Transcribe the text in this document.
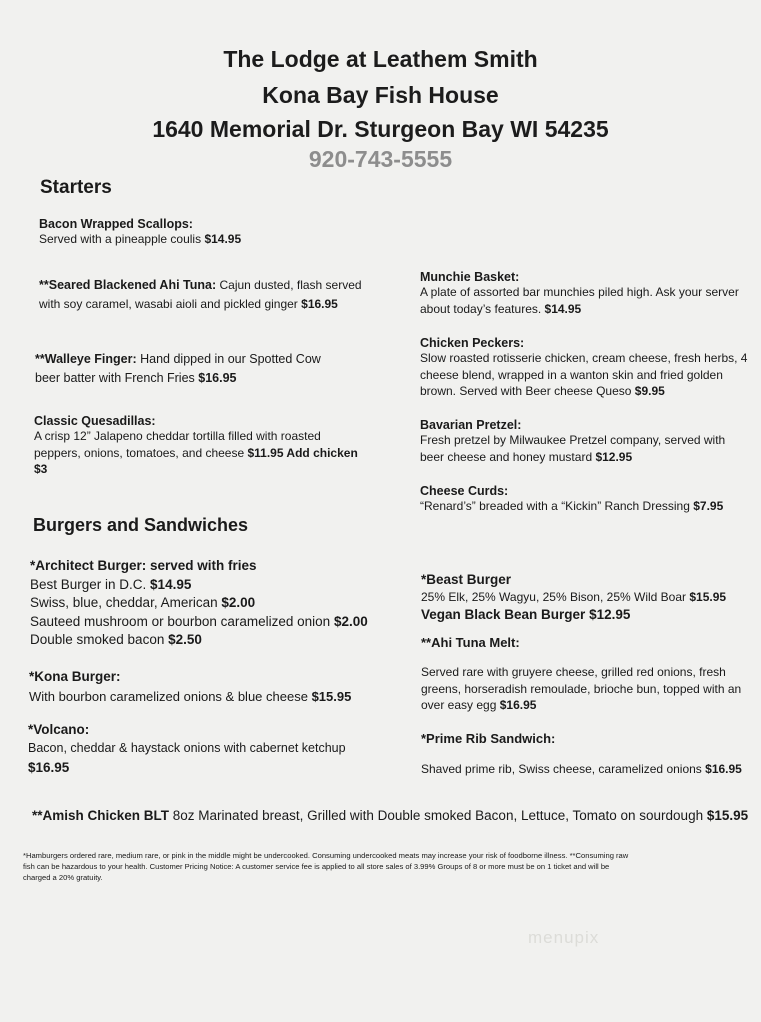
The Lodge at Leathem Smith
Kona Bay Fish House
1640 Memorial Dr. Sturgeon Bay WI 54235
920-743-5555
Starters
Bacon Wrapped Scallops:
Served with a pineapple coulis $14.95
**Seared Blackened Ahi Tuna: Cajun dusted, flash served
with soy caramel, wasabi aioli and pickled ginger $16.95
**Walleye Finger: Hand dipped in our Spotted Cow
beer batter with French Fries $16.95
Classic Quesadillas:
A crisp 12” Jalapeno cheddar tortilla filled with roasted
peppers, onions, tomatoes, and cheese $11.95 Add chicken
$3
Munchie Basket:
A plate of assorted bar munchies piled high. Ask your server
about today’s features. $14.95
Chicken Peckers:
Slow roasted rotisserie chicken, cream cheese, fresh herbs, 4
cheese blend, wrapped in a wanton skin and fried golden
brown. Served with Beer cheese Queso $9.95
Bavarian Pretzel:
Fresh pretzel by Milwaukee Pretzel company, served with
beer cheese and honey mustard $12.95
Cheese Curds:
“Renard’s” breaded with a “Kickin” Ranch Dressing $7.95
Burgers and Sandwiches
*Architect Burger: served with fries
Best Burger in D.C. $14.95
Swiss, blue, cheddar, American $2.00
Sauteed mushroom or bourbon caramelized onion $2.00
Double smoked bacon $2.50
*Kona Burger:
With bourbon caramelized onions & blue cheese $15.95
*Volcano:
Bacon, cheddar & haystack onions with cabernet ketchup
$16.95
*Beast Burger
25% Elk, 25% Wagyu, 25% Bison, 25% Wild Boar $15.95
Vegan Black Bean Burger $12.95
**Ahi Tuna Melt:
Served rare with gruyere cheese, grilled red onions, fresh
greens, horseradish remoulade, brioche bun, topped with an
over easy egg $16.95
*Prime Rib Sandwich:
Shaved prime rib, Swiss cheese, caramelized onions $16.95
**Amish Chicken BLT 8oz Marinated breast, Grilled with Double smoked Bacon, Lettuce, Tomato on sourdough $15.95
*Hamburgers ordered rare, medium rare, or pink in the middle might be undercooked. Consuming undercooked meats may increase your risk of foodborne illness. **Consuming raw
fish can be hazardous to your health. Customer Pricing Notice: A customer service fee is applied to all store sales of 3.99% Groups of 8 or more must be on 1 ticket and will be
charged a 20% gratuity.
menupix
